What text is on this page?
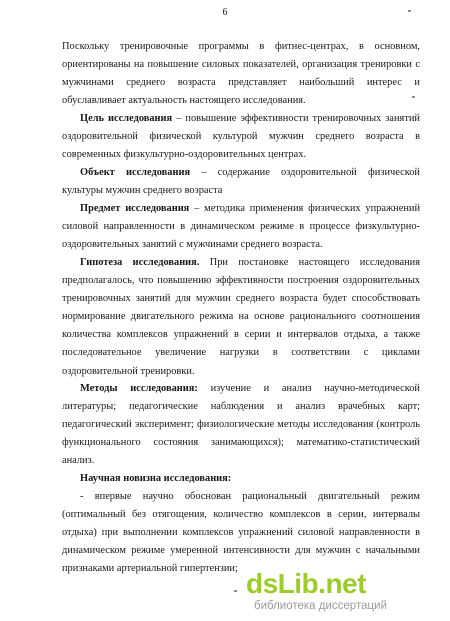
6

Поскольку тренировочные программы в фитнес-центрах, в основном, ориентированы на повышение силовых показателей, организация тренировки с мужчинами среднего возраста представляет наибольший интерес и обуславливает актуальность настоящего исследования.

Цель исследования – повышение эффективности тренировочных занятий оздоровительной физической культурой мужчин среднего возраста в современных физкультурно-оздоровительных центрах.

Объект исследования – содержание оздоровительной физической культуры мужчин среднего возраста

Предмет исследования – методика применения физических упражнений силовой направленности в динамическом режиме в процессе физкультурно-оздоровительных занятий с мужчинами среднего возраста.

Гипотеза исследования. При постановке настоящего исследования предполагалось, что повышению эффективности построения оздоровительных тренировочных занятий для мужчин среднего возраста будет способствовать нормирование двигательного режима на основе рационального соотношения количества комплексов упражнений в серии и интервалов отдыха, а также последовательное увеличение нагрузки в соответствии с циклами оздоровительной тренировки.

Методы исследования: изучение и анализ научно-методической литературы; педагогические наблюдения и анализ врачебных карт; педагогический эксперимент; физиологические методы исследования (контроль функционального состояния занимающихся); математико-статистический анализ.

Научная новизна исследования:

- впервые научно обоснован рациональный двигательный режим (оптимальный без отягощения, количество комплексов в серии, интервалы отдыха) при выполнении комплексов упражнений силовой направленности в динамическом режиме умеренной интенсивности для мужчин с начальными признаками артериальной гипертензии; dsLib.net
библиотека диссертаций
